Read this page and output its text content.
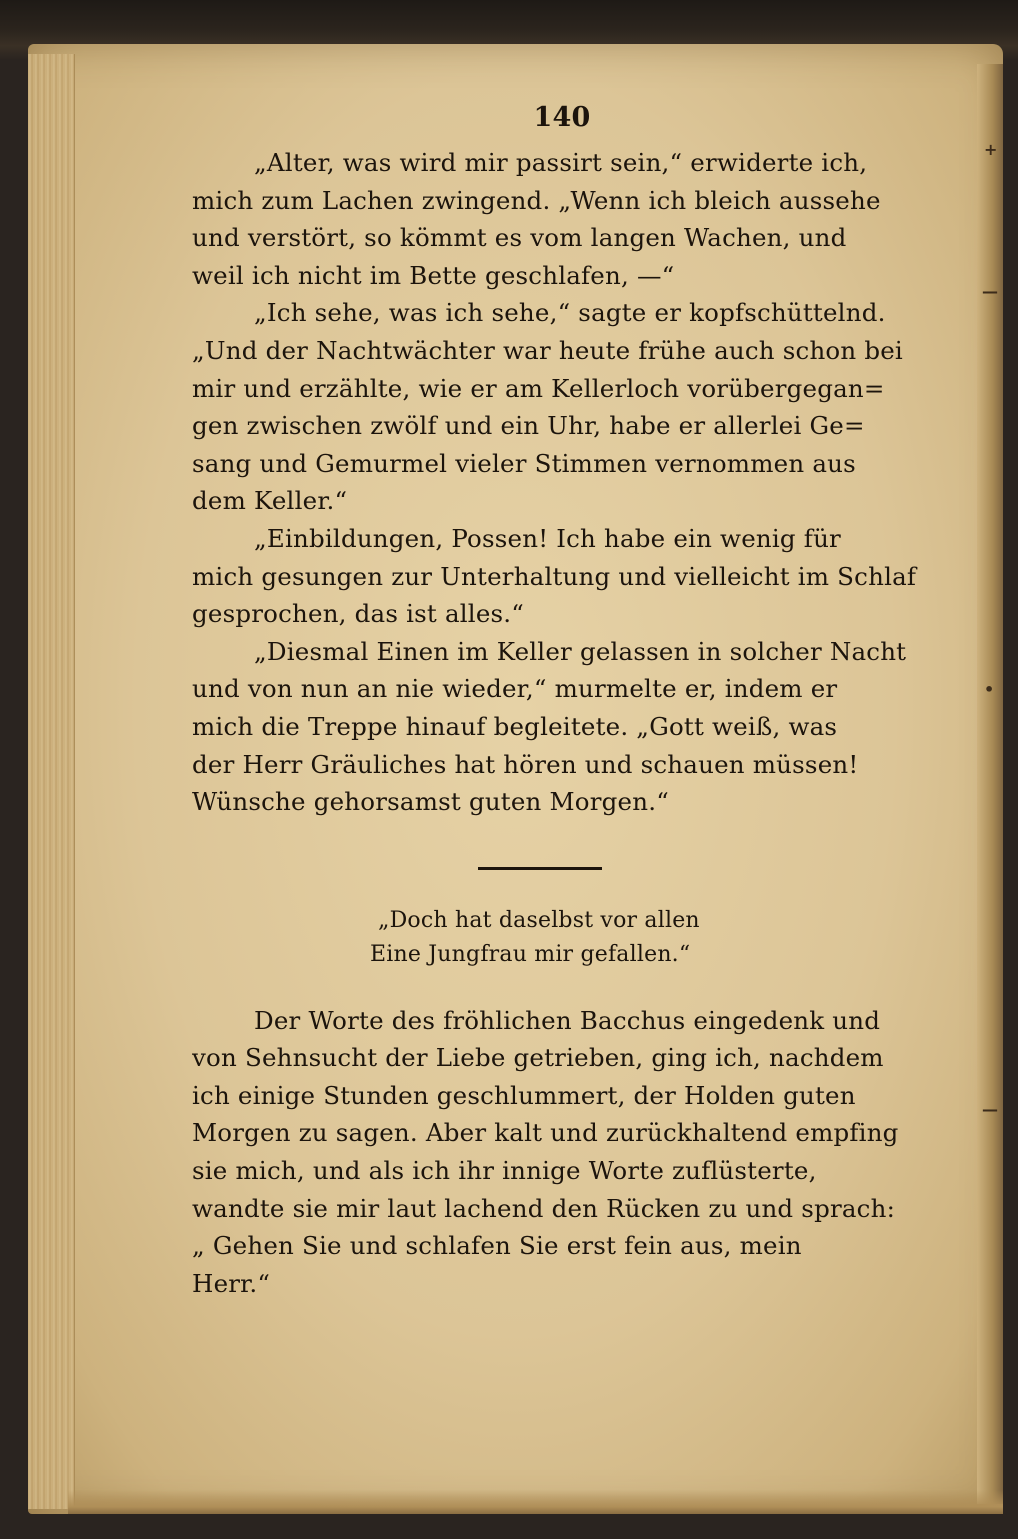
+
—
•
—
140
„Alter, was wird mir passirt sein,“ erwiderte ich,
mich zum Lachen zwingend. „Wenn ich bleich aussehe
und verstört, so kömmt es vom langen Wachen, und
weil ich nicht im Bette geschlafen, —“
„Ich sehe, was ich sehe,“ sagte er kopfschüttelnd.
„Und der Nachtwächter war heute frühe auch schon bei
mir und erzählte, wie er am Kellerloch vorübergegan=
gen zwischen zwölf und ein Uhr, habe er allerlei Ge=
sang und Gemurmel vieler Stimmen vernommen aus
dem Keller.“
„Einbildungen, Possen! Ich habe ein wenig für
mich gesungen zur Unterhaltung und vielleicht im Schlaf
gesprochen, das ist alles.“
„Diesmal Einen im Keller gelassen in solcher Nacht
und von nun an nie wieder,“ murmelte er, indem er
mich die Treppe hinauf begleitete. „Gott weiß, was
der Herr Gräuliches hat hören und schauen müssen!
Wünsche gehorsamst guten Morgen.“
„Doch hat daselbst vor allen
Eine Jungfrau mir gefallen.“
Der Worte des fröhlichen Bacchus eingedenk und
von Sehnsucht der Liebe getrieben, ging ich, nachdem
ich einige Stunden geschlummert, der Holden guten
Morgen zu sagen. Aber kalt und zurückhaltend empfing
sie mich, und als ich ihr innige Worte zuflüsterte,
wandte sie mir laut lachend den Rücken zu und sprach:
„ Gehen Sie und schlafen Sie erst fein aus, mein
Herr.“
